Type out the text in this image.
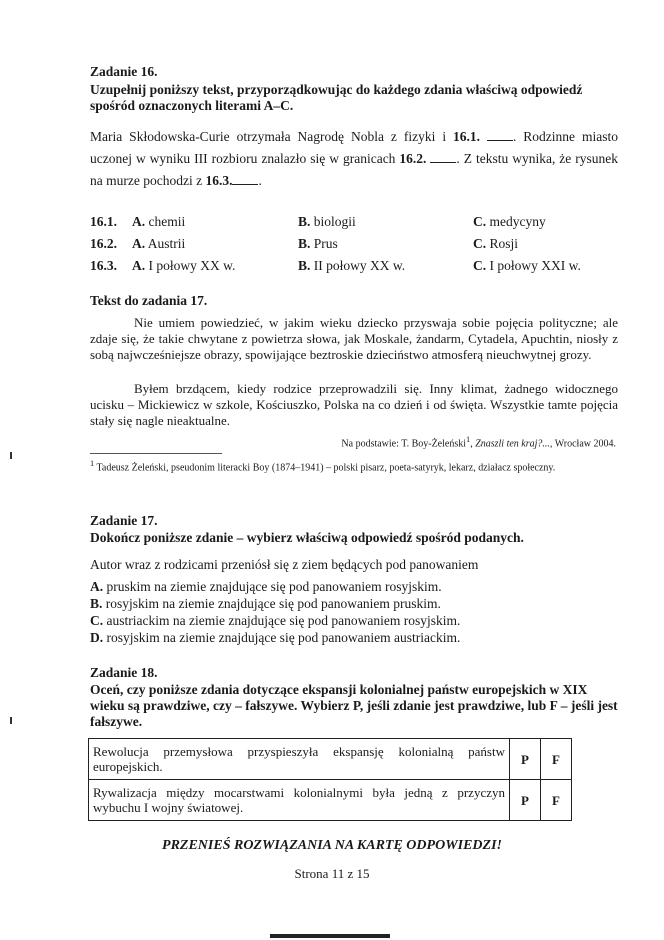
Zadanie 16.
Uzupełnij poniższy tekst, przyporządkowując do każdego zdania właściwą odpowiedź spośród oznaczonych literami A–C.
Maria Skłodowska-Curie otrzymała Nagrodę Nobla z fizyki i 16.1. . Rodzinne miasto uczonej w wyniku III rozbioru znalazło się w granicach 16.2. . Z tekstu wynika, że rysunek na murze pochodzi z 16.3. .
16.1. A. chemii	B. biologii	C. medycyny
16.2. A. Austrii	B. Prus	C. Rosji
16.3. A. I połowy XX w.	B. II połowy XX w.	C. I połowy XXI w.
Tekst do zadania 17.
Nie umiem powiedzieć, w jakim wieku dziecko przyswaja sobie pojęcia polityczne; ale zdaje się, że takie chwytane z powietrza słowa, jak Moskale, żandarm, Cytadela, Apuchtin, niosły z sobą najwcześniejsze obrazy, spowijające beztroskie dzieciństwo atmosferą nieuchwytnej grozy.
Byłem brzdącem, kiedy rodzice przeprowadzili się. Inny klimat, żadnego widocznego ucisku – Mickiewicz w szkole, Kościuszko, Polska na co dzień i od święta. Wszystkie tamte pojęcia stały się nagle nieaktualne.
Na podstawie: T. Boy-Żeleński$^1$, Znaszli ten kraj?..., Wrocław 2004.
$^1$ Tadeusz Żeleński, pseudonim literacki Boy (1874–1941) – polski pisarz, poeta-satyryk, lekarz, działacz społeczny.
Zadanie 17.
Dokończ poniższe zdanie – wybierz właściwą odpowiedź spośród podanych.
Autor wraz z rodzicami przeniósł się z ziem będących pod panowaniem
A. pruskim na ziemie znajdujące się pod panowaniem rosyjskim.
B. rosyjskim na ziemie znajdujące się pod panowaniem pruskim.
C. austriackim na ziemie znajdujące się pod panowaniem rosyjskim.
D. rosyjskim na ziemie znajdujące się pod panowaniem austriackim.
Zadanie 18.
Oceń, czy poniższe zdania dotyczące ekspansji kolonialnej państw europejskich w XIX wieku są prawdziwe, czy – fałszywe. Wybierz P, jeśli zdanie jest prawdziwe, lub F – jeśli jest fałszywe.
Rewolucja przemysłowa przyspieszyła ekspansję kolonialną państw europejskich.	P	F
Rywalizacja między mocarstwami kolonialnymi była jedną z przyczyn wybuchu I wojny światowej.	P	F
PRZENIEŚ ROZWIĄZANIA NA KARTĘ ODPOWIEDZI!
Strona 11 z 15
